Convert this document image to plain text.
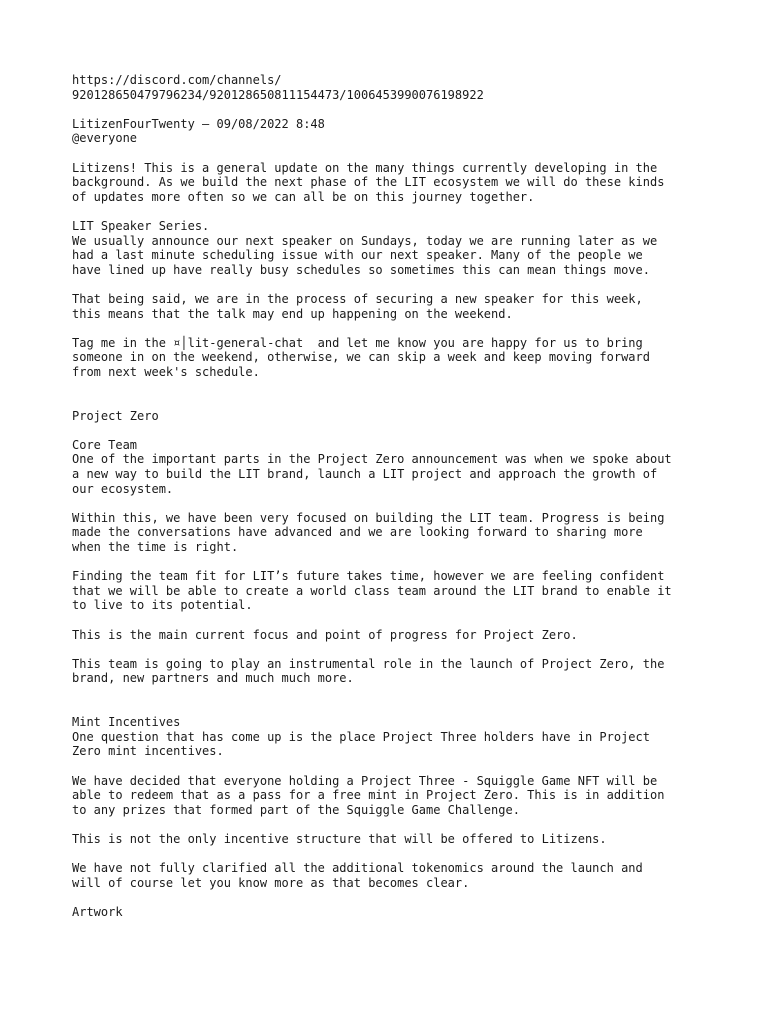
https://discord.com/channels/
920128650479796234/920128650811154473/1006453990076198922
LitizenFourTwenty — 09/08/2022 8:48
@everyone
Litizens! This is a general update on the many things currently developing in the
background. As we build the next phase of the LIT ecosystem we will do these kinds
of updates more often so we can all be on this journey together.
LIT Speaker Series.
We usually announce our next speaker on Sundays, today we are running later as we
had a last minute scheduling issue with our next speaker. Many of the people we
have lined up have really busy schedules so sometimes this can mean things move.
That being said, we are in the process of securing a new speaker for this week,
this means that the talk may end up happening on the weekend.
Tag me in the ¤│lit-general-chat  and let me know you are happy for us to bring
someone in on the weekend, otherwise, we can skip a week and keep moving forward
from next week's schedule.
Project Zero
Core Team
One of the important parts in the Project Zero announcement was when we spoke about
a new way to build the LIT brand, launch a LIT project and approach the growth of
our ecosystem.
Within this, we have been very focused on building the LIT team. Progress is being
made the conversations have advanced and we are looking forward to sharing more
when the time is right.
Finding the team fit for LIT’s future takes time, however we are feeling confident
that we will be able to create a world class team around the LIT brand to enable it
to live to its potential.
This is the main current focus and point of progress for Project Zero.
This team is going to play an instrumental role in the launch of Project Zero, the
brand, new partners and much much more.
Mint Incentives
One question that has come up is the place Project Three holders have in Project
Zero mint incentives.
We have decided that everyone holding a Project Three - Squiggle Game NFT will be
able to redeem that as a pass for a free mint in Project Zero. This is in addition
to any prizes that formed part of the Squiggle Game Challenge.
This is not the only incentive structure that will be offered to Litizens.
We have not fully clarified all the additional tokenomics around the launch and
will of course let you know more as that becomes clear.
Artwork
